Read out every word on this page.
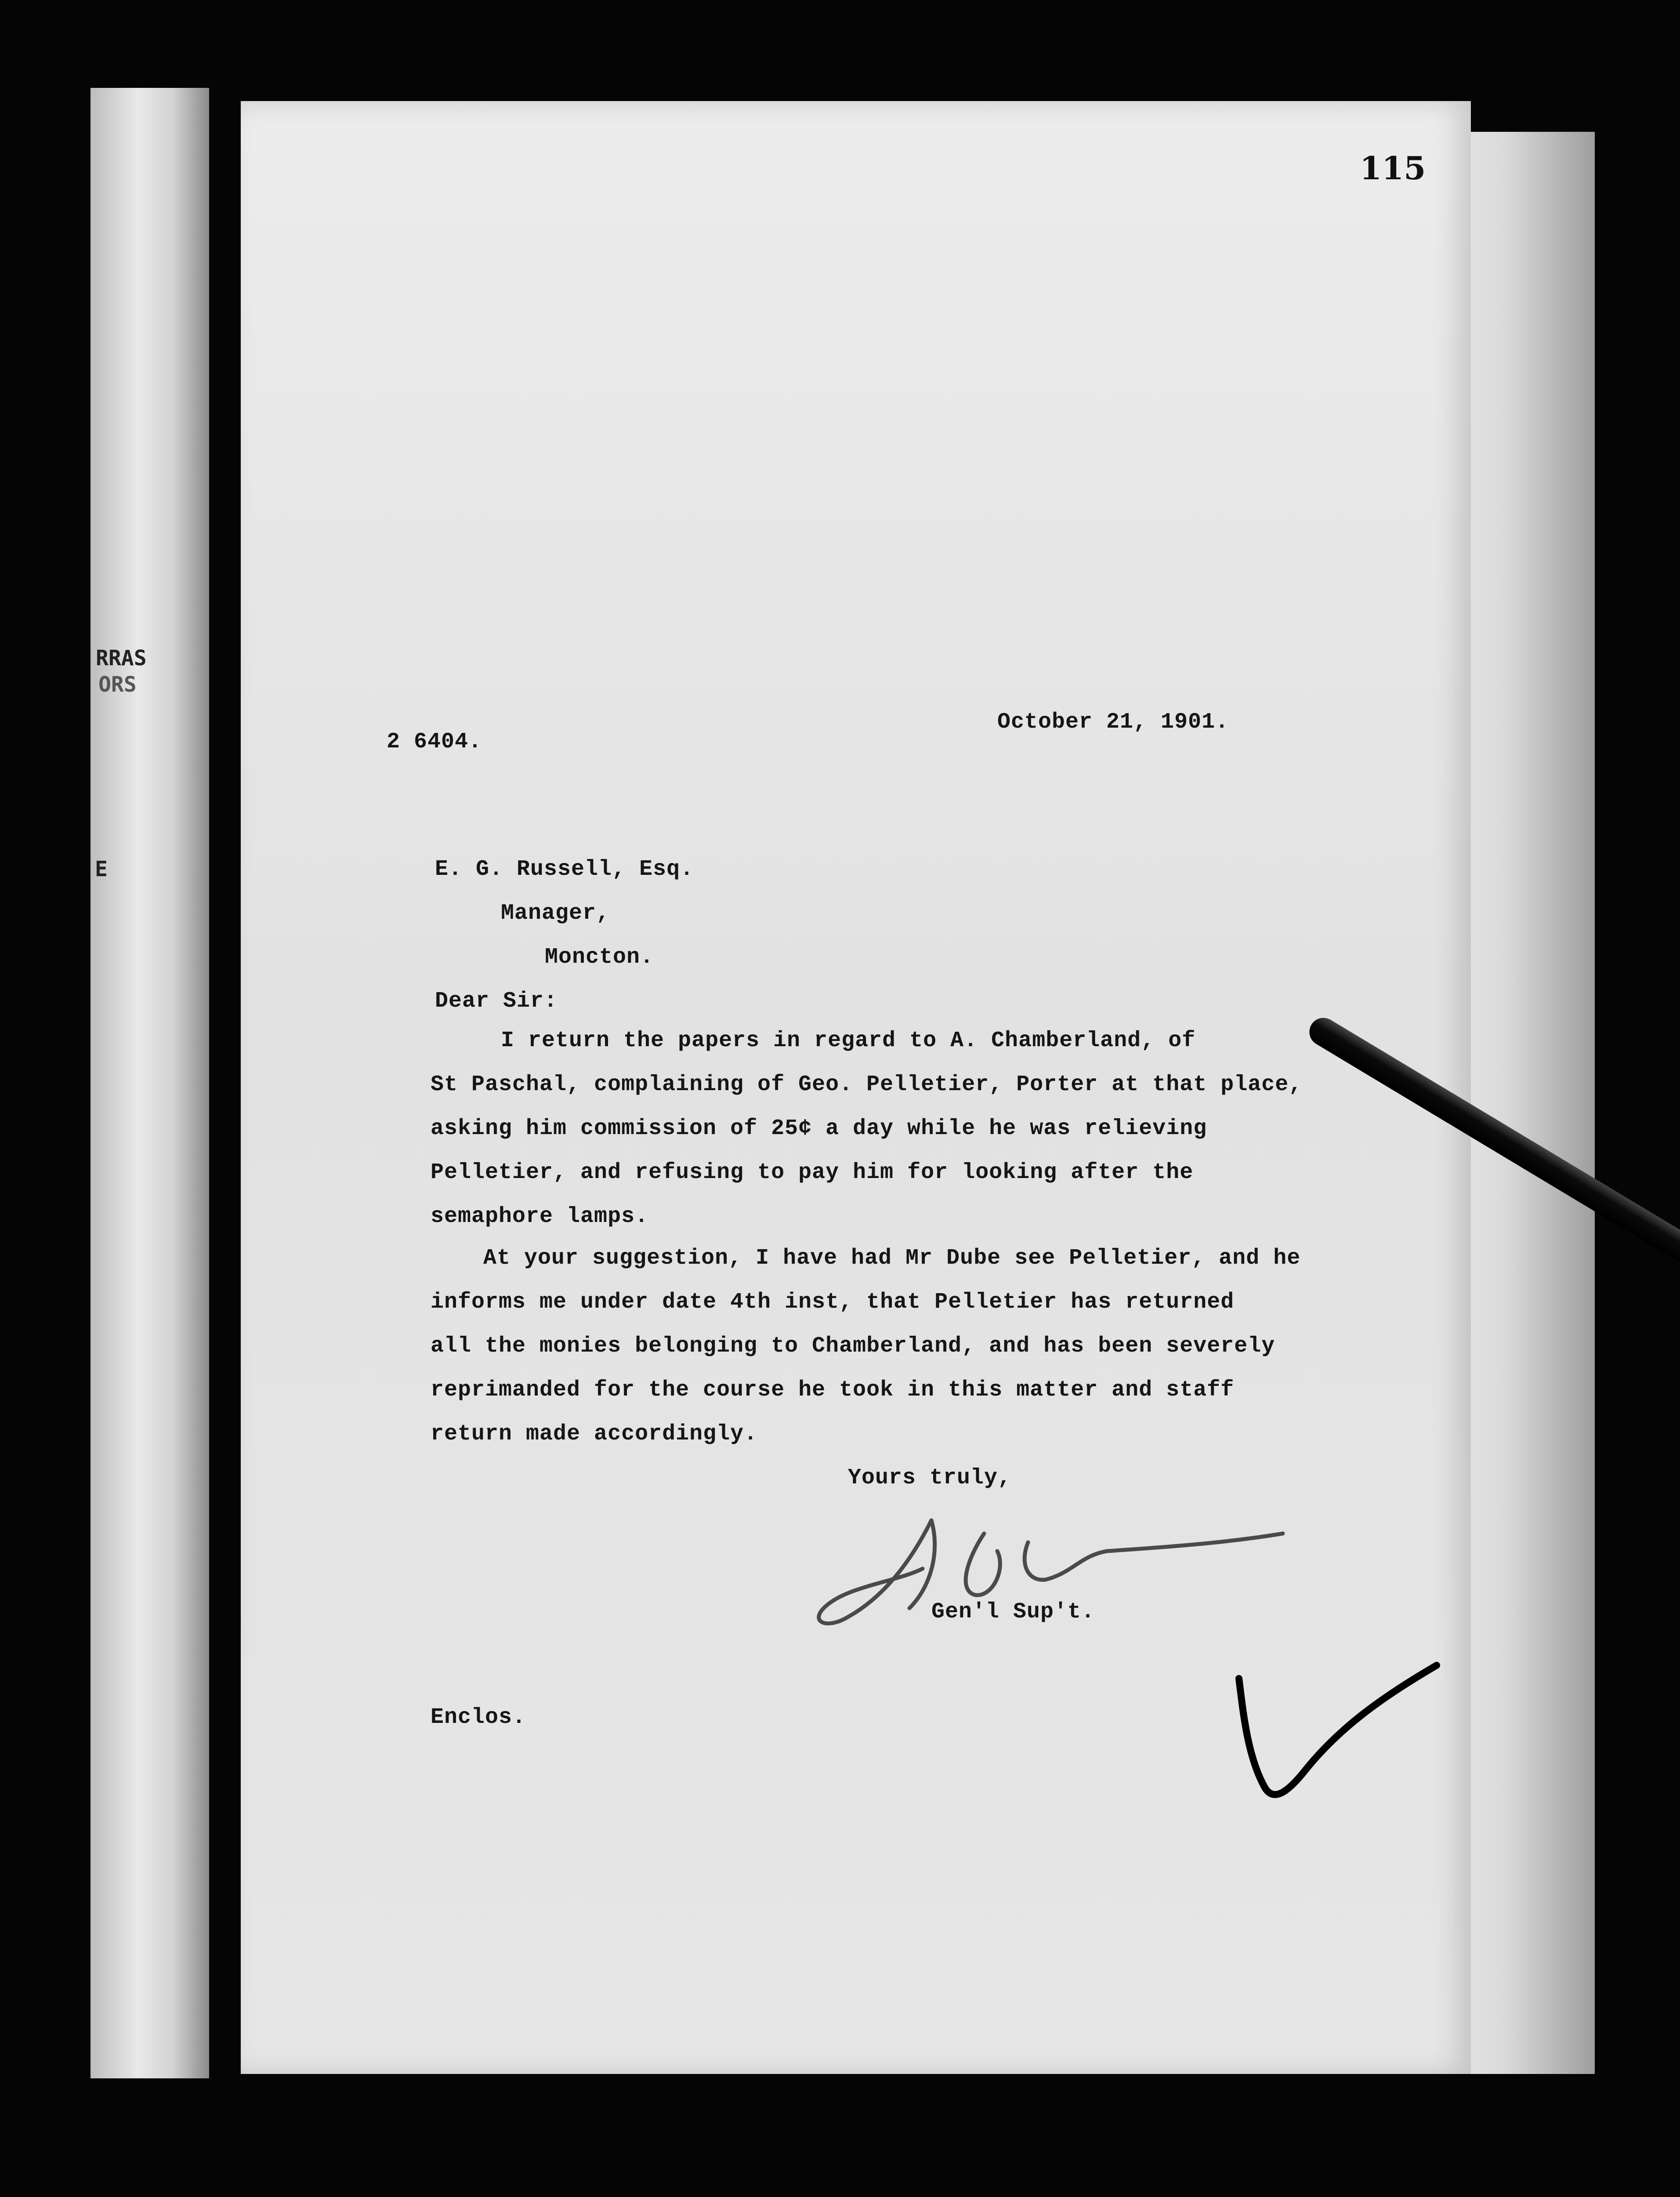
RRAS
ORS
E
115
2 6404.
October 21, 1901.
E. G. Russell, Esq.
Manager,
Moncton.
Dear Sir:
I return the papers in regard to A. Chamberland, of
St Paschal, complaining of Geo. Pelletier, Porter at that place,
asking him commission of 25¢ a day while he was relieving
Pelletier, and refusing to pay him for looking after the
semaphore lamps.
At your suggestion, I have had Mr Dube see Pelletier, and he
informs me under date 4th inst, that Pelletier has returned
all the monies belonging to Chamberland, and has been severely
reprimanded for the course he took in this matter and staff
return made accordingly.
Yours truly,
Gen'l Sup't.
Enclos.
